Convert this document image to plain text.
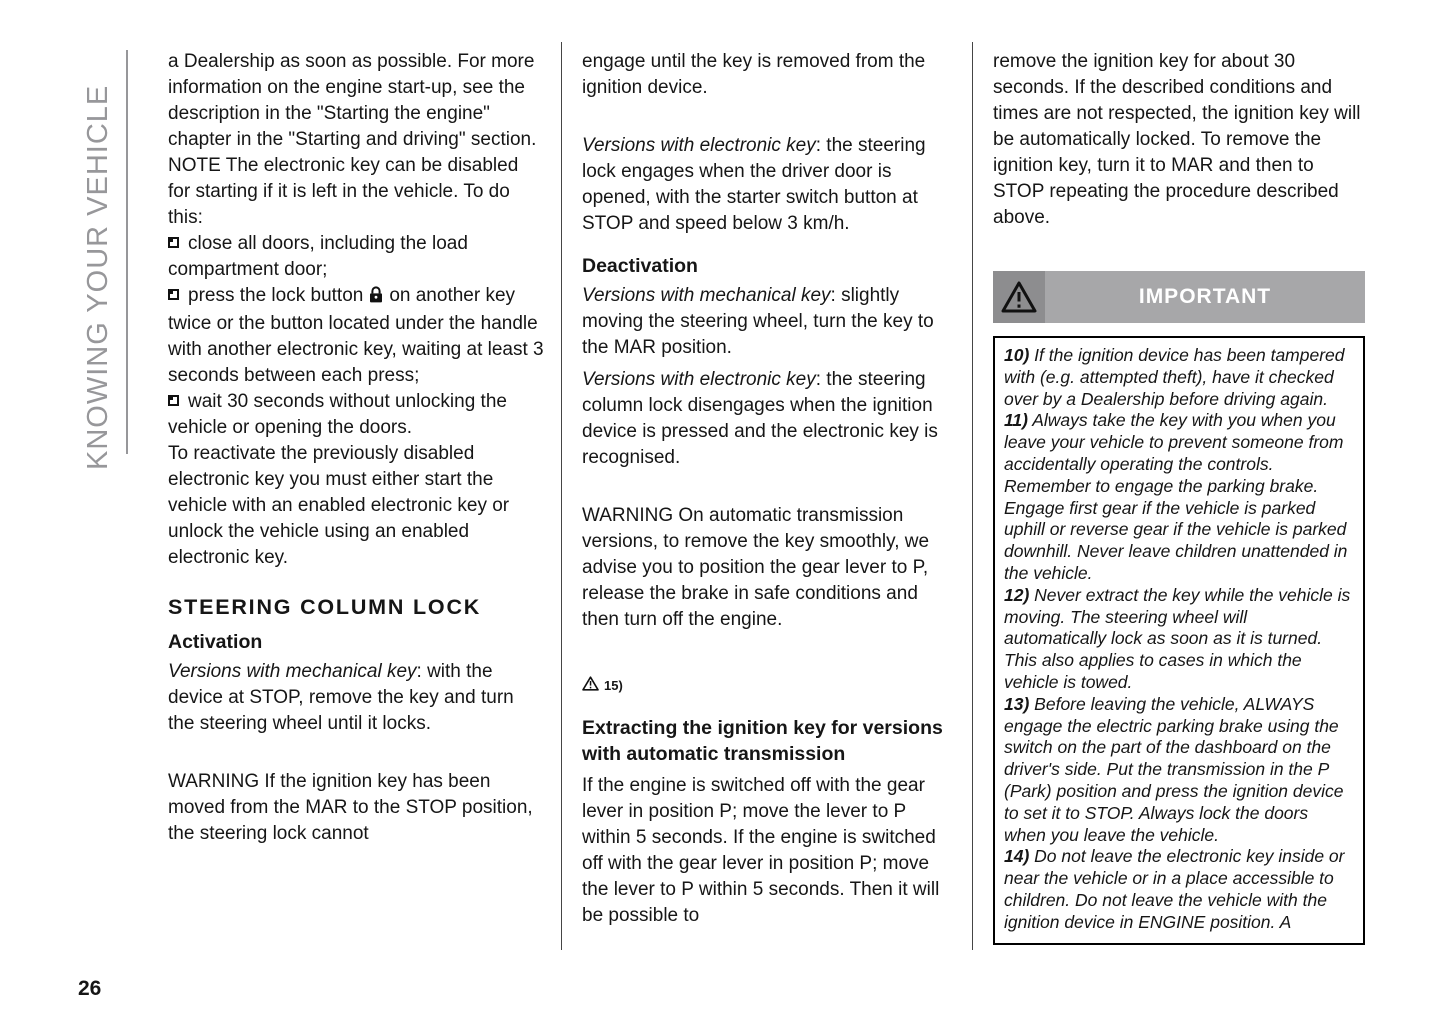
KNOWING YOUR VEHICLE

a Dealership as soon as possible. For more information on the engine start-up, see the description in the "Starting the engine" chapter in the "Starting and driving" section.

NOTE The electronic key can be disabled for starting if it is left in the vehicle. To do this:

close all doors, including the load compartment door;

press the lock button on another key twice or the button located under the handle with another electronic key, waiting at least 3 seconds between each press;

wait 30 seconds without unlocking the vehicle or opening the doors.

To reactivate the previously disabled electronic key you must either start the vehicle with an enabled electronic key or unlock the vehicle using an enabled electronic key.

STEERING COLUMN LOCK
Activation

Versions with mechanical key: with the device at STOP, remove the key and turn the steering wheel until it locks.

WARNING If the ignition key has been moved from the MAR to the STOP position, the steering lock cannot

engage until the key is removed from the ignition device.

Versions with electronic key: the steering lock engages when the driver door is opened, with the starter switch button at STOP and speed below 3 km/h.

Deactivation

Versions with mechanical key: slightly moving the steering wheel, turn the key to the MAR position.

Versions with electronic key: the steering column lock disengages when the ignition device is pressed and the electronic key is recognised.

WARNING On automatic transmission versions, to remove the key smoothly, we advise you to position the gear lever to P, release the brake in safe conditions and then turn off the engine.

15)

Extracting the ignition key for versions with automatic transmission

If the engine is switched off with the gear lever in position P; move the lever to P within 5 seconds. If the engine is switched off with the gear lever in position P; move the lever to P within 5 seconds. Then it will be possible to

remove the ignition key for about 30 seconds. If the described conditions and times are not respected, the ignition key will be automatically locked. To remove the ignition key, turn it to MAR and then to STOP repeating the procedure described above.

IMPORTANT

10) If the ignition device has been tampered with (e.g. attempted theft), have it checked over by a Dealership before driving again.

11) Always take the key with you when you leave your vehicle to prevent someone from accidentally operating the controls. Remember to engage the parking brake. Engage first gear if the vehicle is parked uphill or reverse gear if the vehicle is parked downhill. Never leave children unattended in the vehicle.

12) Never extract the key while the vehicle is moving. The steering wheel will automatically lock as soon as it is turned. This also applies to cases in which the vehicle is towed.

13) Before leaving the vehicle, ALWAYS engage the electric parking brake using the switch on the part of the dashboard on the driver's side. Put the transmission in the P (Park) position and press the ignition device to set it to STOP. Always lock the doors when you leave the vehicle.

14) Do not leave the electronic key inside or near the vehicle or in a place accessible to children. Do not leave the vehicle with the ignition device in ENGINE position. A

26
